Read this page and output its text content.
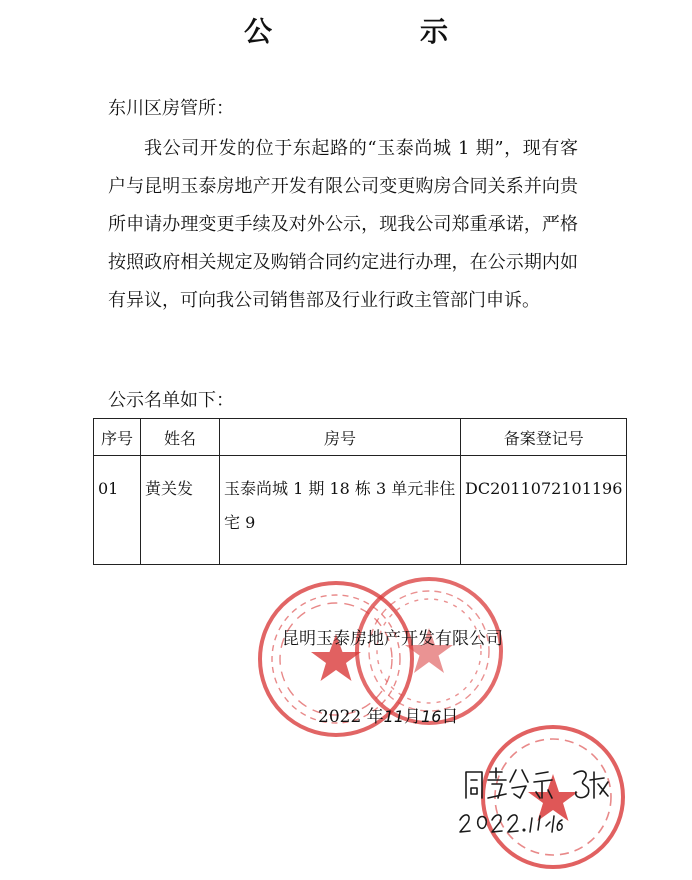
公　示
东川区房管所：

我公司开发的位于东起路的“玉泰尚城 1 期”，现有客户与昆明玉泰房地产开发有限公司变更购房合同关系并向贵所申请办理变更手续及对外公示，现我公司郑重承诺，严格按照政府相关规定及购销合同约定进行办理，在公示期内如有异议，可向我公司销售部及行业行政主管部门申诉。

公示名单如下：
序号	姓名	房号	备案登记号
01	黄关发	玉泰尚城 1 期 18 栋 3 单元非住宅 9	DC2011072101196
昆明玉泰房地产开发有限公司
2022 年11月16日
